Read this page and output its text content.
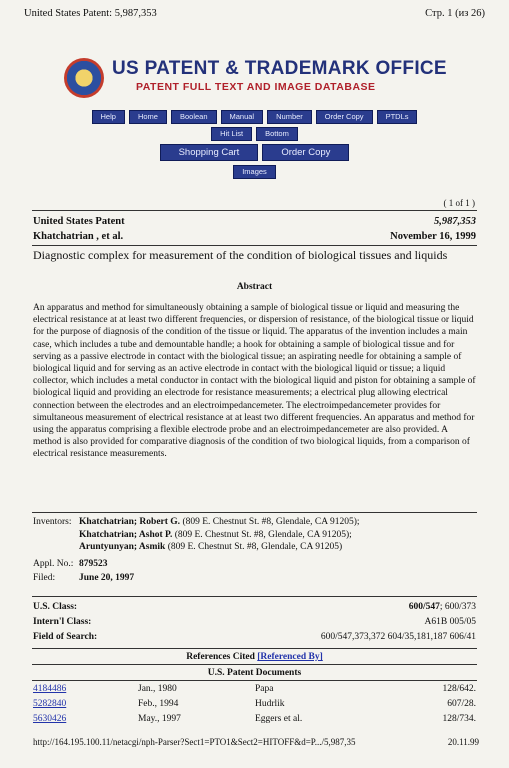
United States Patent: 5,987,353	Стр. 1 (из 26)
US PATENT & TRADEMARK OFFICE
PATENT FULL TEXT AND IMAGE DATABASE
Help	Home	Boolean	Manual	Number	Order Copy	PTDLs
Hit List	Bottom
Shopping Cart	Order Copy
Images
( 1 of 1 )
United States Patent	5,987,353
Khatchatrian , et al.	November 16, 1999
Diagnostic complex for measurement of the condition of biological tissues and liquids
Abstract
An apparatus and method for simultaneously obtaining a sample of biological tissue or liquid and measuring the electrical resistance at at least two different frequencies, or dispersion of resistance, of the biological tissue or liquid for the purpose of diagnosis of the condition of the tissue or liquid. The apparatus of the invention includes a main case, which includes a tube and demountable handle; a hook for obtaining a sample of biological tissue and for serving as a passive electrode in contact with the biological tissue; an aspirating needle for obtaining a sample of biological liquid and for serving as an active electrode in contact with the biological liquid or tissue; a liquid collector, which includes a metal conductor in contact with the biological liquid and piston for obtaining a sample of biological liquid and providing an electrode for resistance measurements; a electrical plug allowing electrical connection between the electrodes and an electroimpedancemeter. The electroimpedancemeter provides for simultaneous measurement of electrical resistance at at least two different frequencies. An apparatus and method for using the apparatus comprising a flexible electrode probe and an electroimpedancemeter are also provided. A method is also provided for comparative diagnosis of the condition of two biological liquids, from a comparison of electrical resistance measurements.
Inventors: Khatchatrian; Robert G. (809 E. Chestnut St. #8, Glendale, CA 91205);
Khatchatrian; Ashot P. (809 E. Chestnut St. #8, Glendale, CA 91205);
Aruntyunyan; Asmik (809 E. Chestnut St. #8, Glendale, CA 91205)
Appl. No.: 879523
Filed:	June 20, 1997
U.S. Class:	600/547; 600/373
Intern'l Class:	A61B 005/05
Field of Search:	600/547,373,372 604/35,181,187 606/41
References Cited [Referenced By]
U.S. Patent Documents
4184486	Jan., 1980	Papa	128/642.
5282840	Feb., 1994	Hudrlik	607/28.
5630426	May., 1997	Eggers et al.	128/734.
http://164.195.100.11/netacgi/nph-Parser?Sect1=PTO1&Sect2=HITOFF&d=P.../5,987,35	20.11.99
